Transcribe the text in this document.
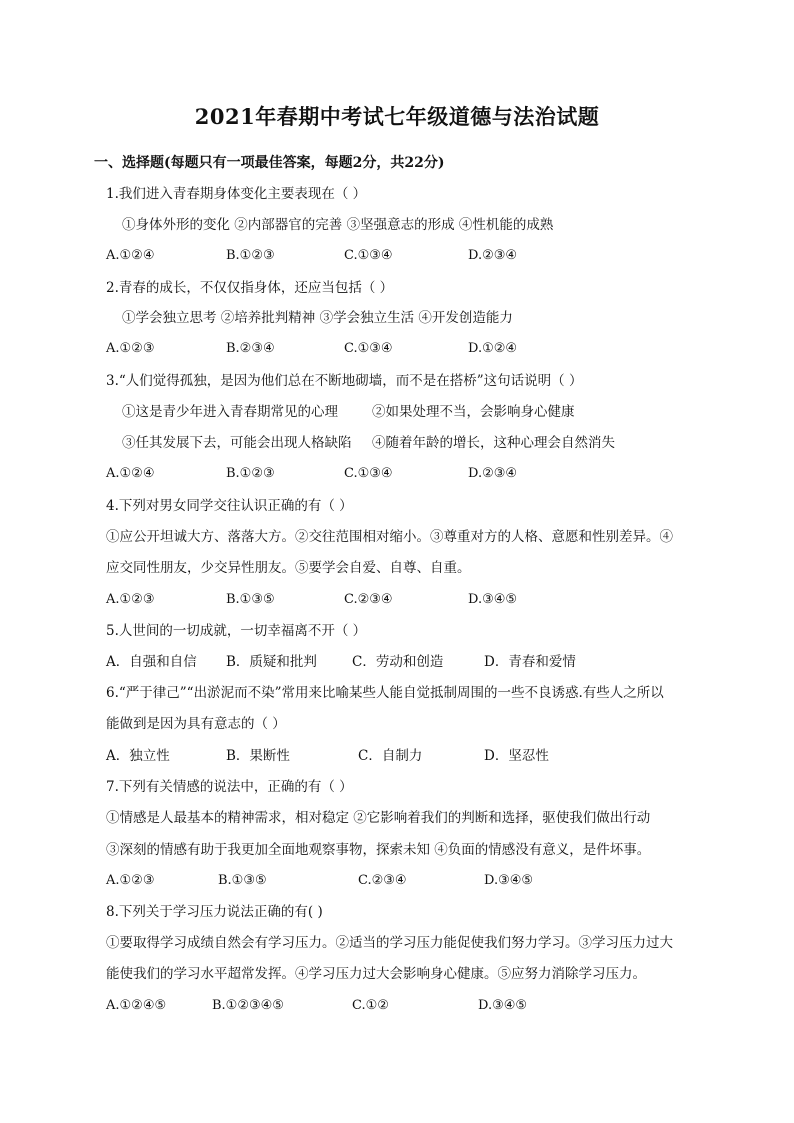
2021年春期中考试七年级道德与法治试题
一、选择题(每题只有一项最佳答案，每题2分，共22分)
1.我们进入青春期身体变化主要表现在（ ）
①身体外形的变化 ②内部器官的完善 ③坚强意志的形成 ④性机能的成熟
A.①②④	B.①②③	C.①③④	D.②③④
2.青春的成长，不仅仅指身体，还应当包括（ ）
①学会独立思考 ②培养批判精神 ③学会独立生活 ④开发创造能力
A.①②③	B.②③④	C.①③④	D.①②④
3.“人们觉得孤独，是因为他们总在不断地砌墙，而不是在搭桥”这句话说明（ ）
①这是青少年进入青春期常见的心理	②如果处理不当，会影响身心健康
③任其发展下去，可能会出现人格缺陷 ④随着年龄的增长，这种心理会自然消失
A.①②④	B.①②③	C.①③④	D.②③④
4.下列对男女同学交往认识正确的有（ ）
①应公开坦诚大方、落落大方。②交往范围相对缩小。③尊重对方的人格、意愿和性别差异。④
应交同性朋友，少交异性朋友。⑤要学会自爱、自尊、自重。
A.①②③	B.①③⑤	C.②③④	D.③④⑤
5.人世间的一切成就，一切幸福离不开（ ）
A．自强和自信 B．质疑和批判	C．劳动和创造	D．青春和爱情
6.“严于律己”“出淤泥而不染”常用来比喻某些人能自觉抵制周围的一些不良诱惑.有些人之所以
能做到是因为具有意志的（ ）
A．独立性	B．果断性	C．自制力	D．坚忍性
7.下列有关情感的说法中，正确的有（ ）
①情感是人最基本的精神需求，相对稳定 ②它影响着我们的判断和选择，驱使我们做出行动
③深刻的情感有助于我更加全面地观察事物，探索未知 ④负面的情感没有意义，是件坏事。
A.①②③	B.①③⑤	C.②③④	D.③④⑤
8.下列关于学习压力说法正确的有( )
①要取得学习成绩自然会有学习压力。②适当的学习压力能促使我们努力学习。③学习压力过大
能使我们的学习水平超常发挥。④学习压力过大会影响身心健康。⑤应努力消除学习压力。
A.①②④⑤	B.①②③④⑤	C.①②	D.③④⑤
